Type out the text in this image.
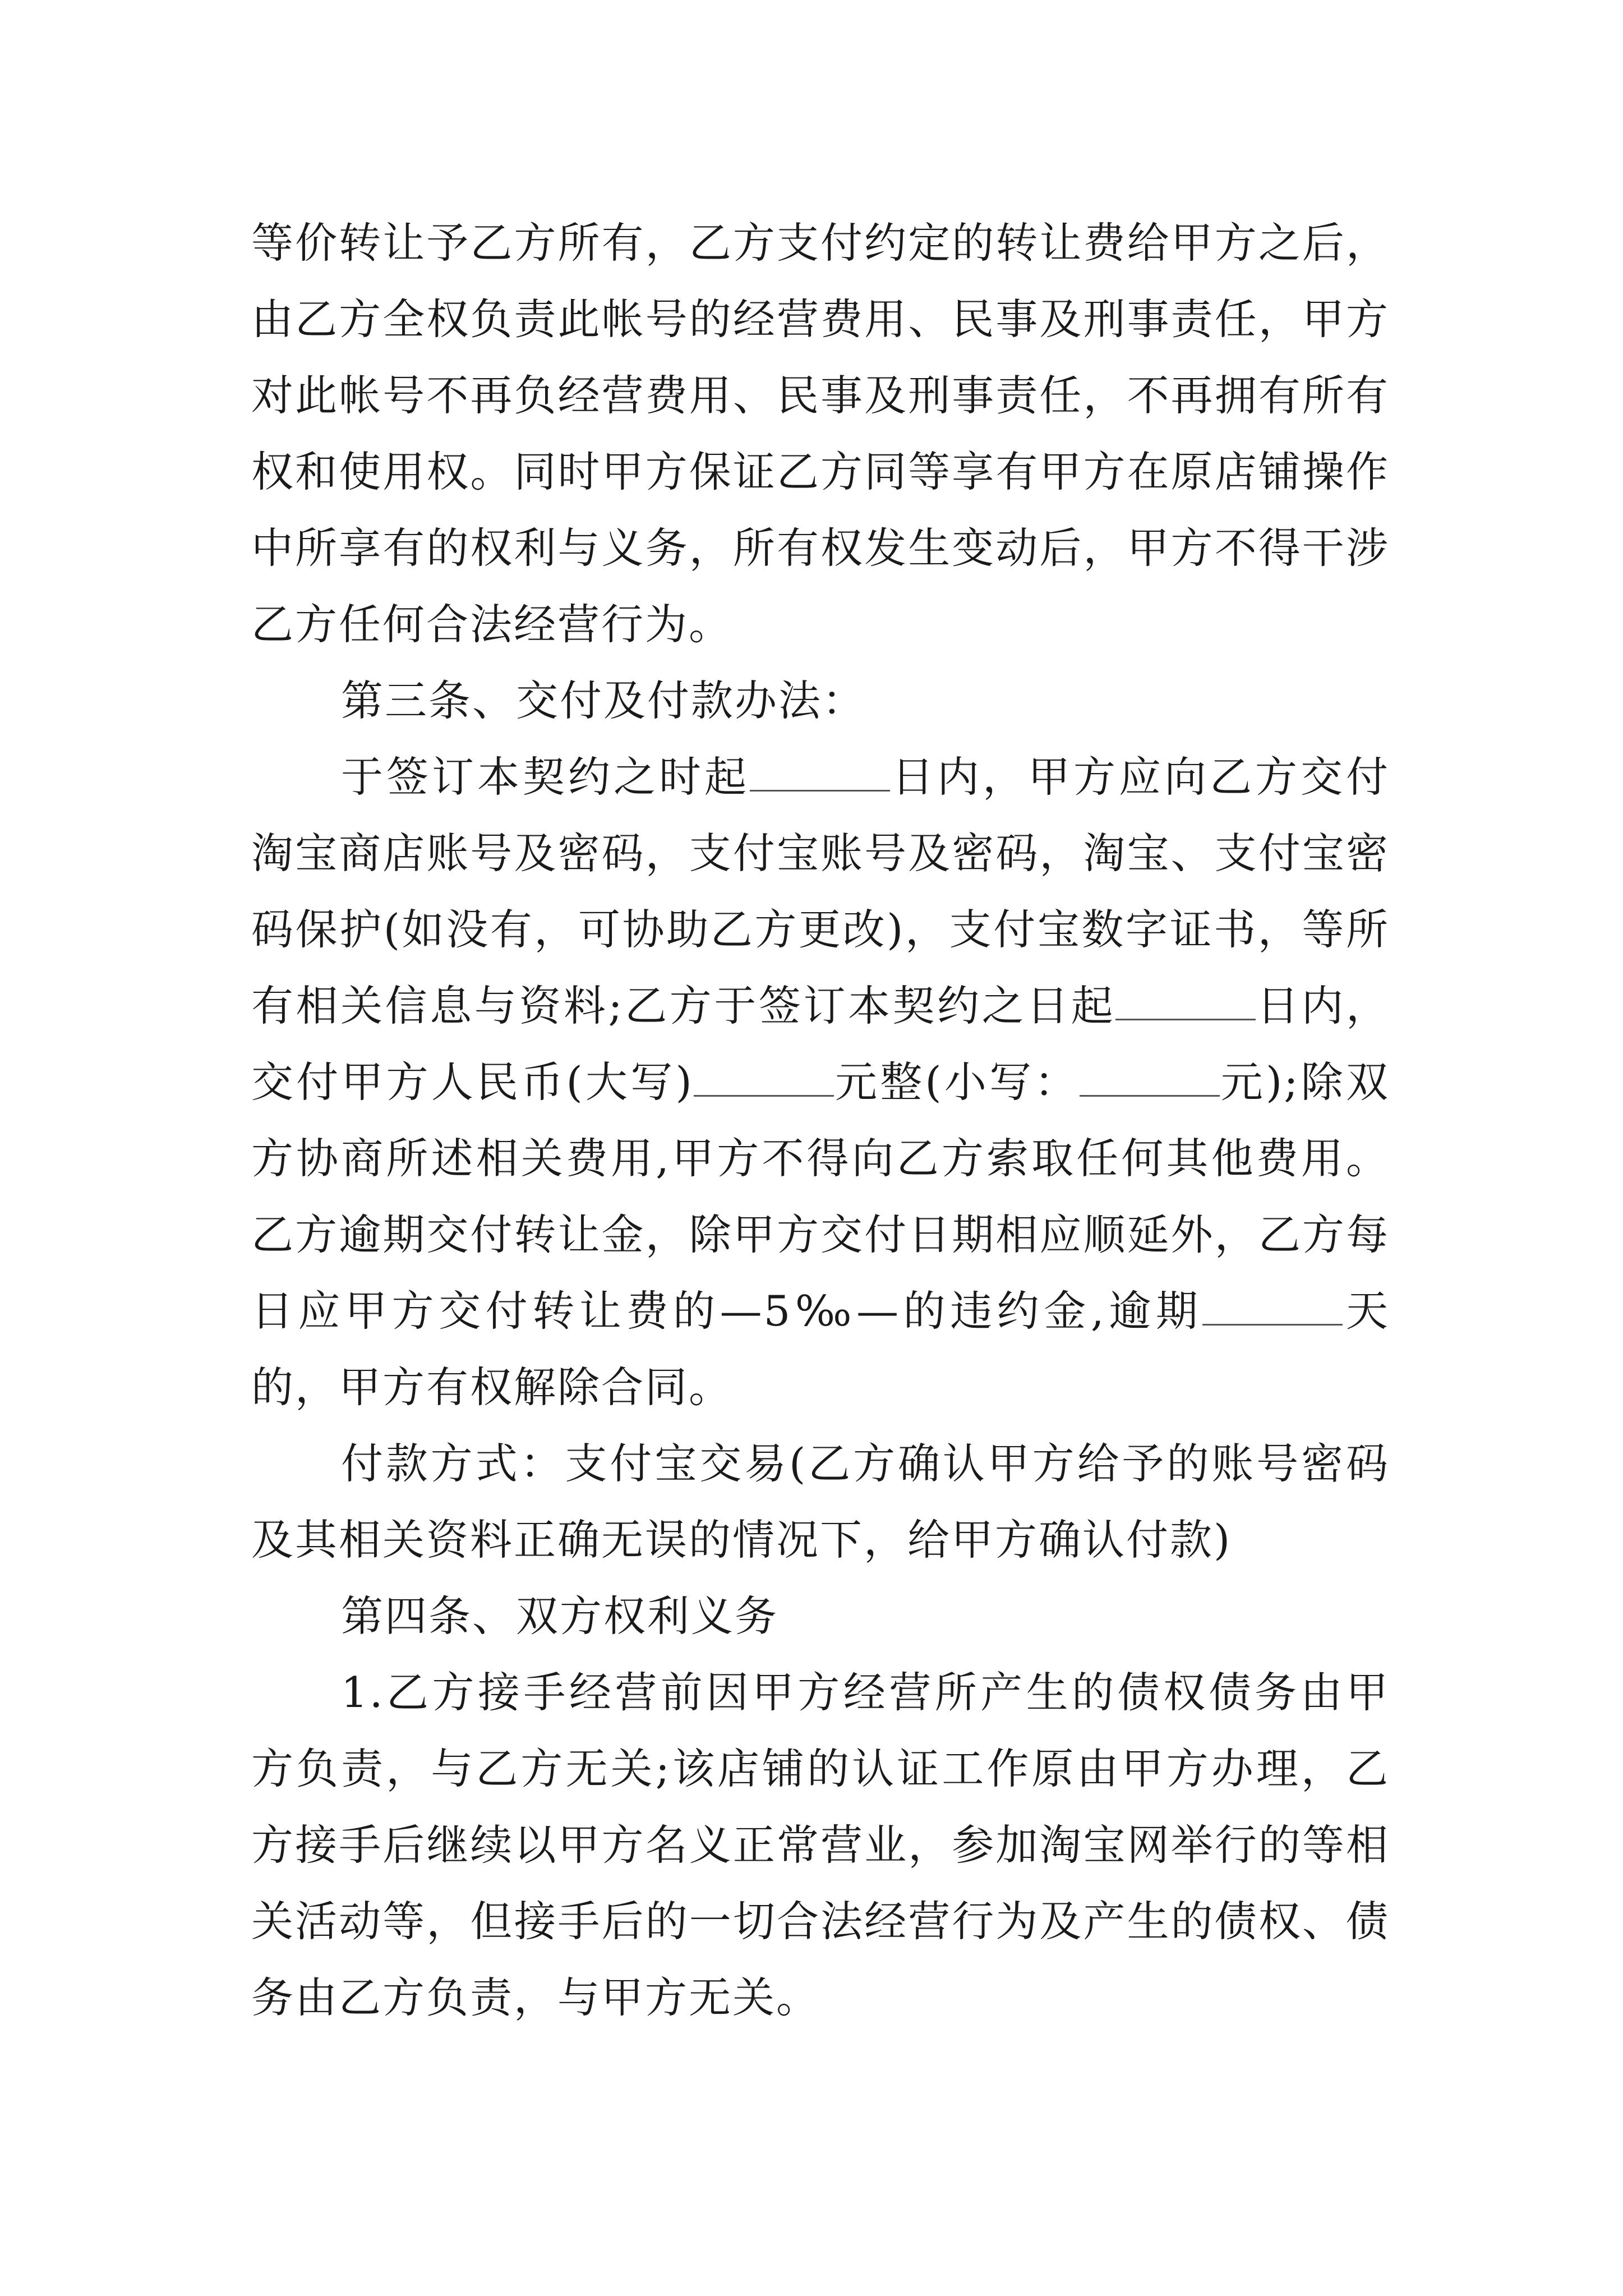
等价转让予乙方所有，乙方支付约定的转让费给甲方之后，由乙方全权负责此帐号的经营费用、民事及刑事责任，甲方对此帐号不再负经营费用、民事及刑事责任，不再拥有所有权和使用权。同时甲方保证乙方同等享有甲方在原店铺操作中所享有的权利与义务，所有权发生变动后，甲方不得干涉乙方任何合法经营行为。

第三条、交付及付款办法：

于签订本契约之时起	日内，甲方应向乙方交付淘宝商店账号及密码，支付宝账号及密码，淘宝、支付宝密码保护(如没有，可协助乙方更改)，支付宝数字证书，等所有相关信息与资料;乙方于签订本契约之日起	日内，交付甲方人民币(大写)	元整(小写：	元);除双方协商所述相关费用,甲方不得向乙方索取任何其他费用。乙方逾期交付转让金，除甲方交付日期相应顺延外，乙方每日应甲方交付转让费的—5‰—的违约金,逾期	天的，甲方有权解除合同。

付款方式：支付宝交易(乙方确认甲方给予的账号密码及其相关资料正确无误的情况下，给甲方确认付款)

第四条、双方权利义务

1.乙方接手经营前因甲方经营所产生的债权债务由甲方负责，与乙方无关;该店铺的认证工作原由甲方办理，乙方接手后继续以甲方名义正常营业，参加淘宝网举行的等相关活动等，但接手后的一切合法经营行为及产生的债权、债务由乙方负责，与甲方无关。
